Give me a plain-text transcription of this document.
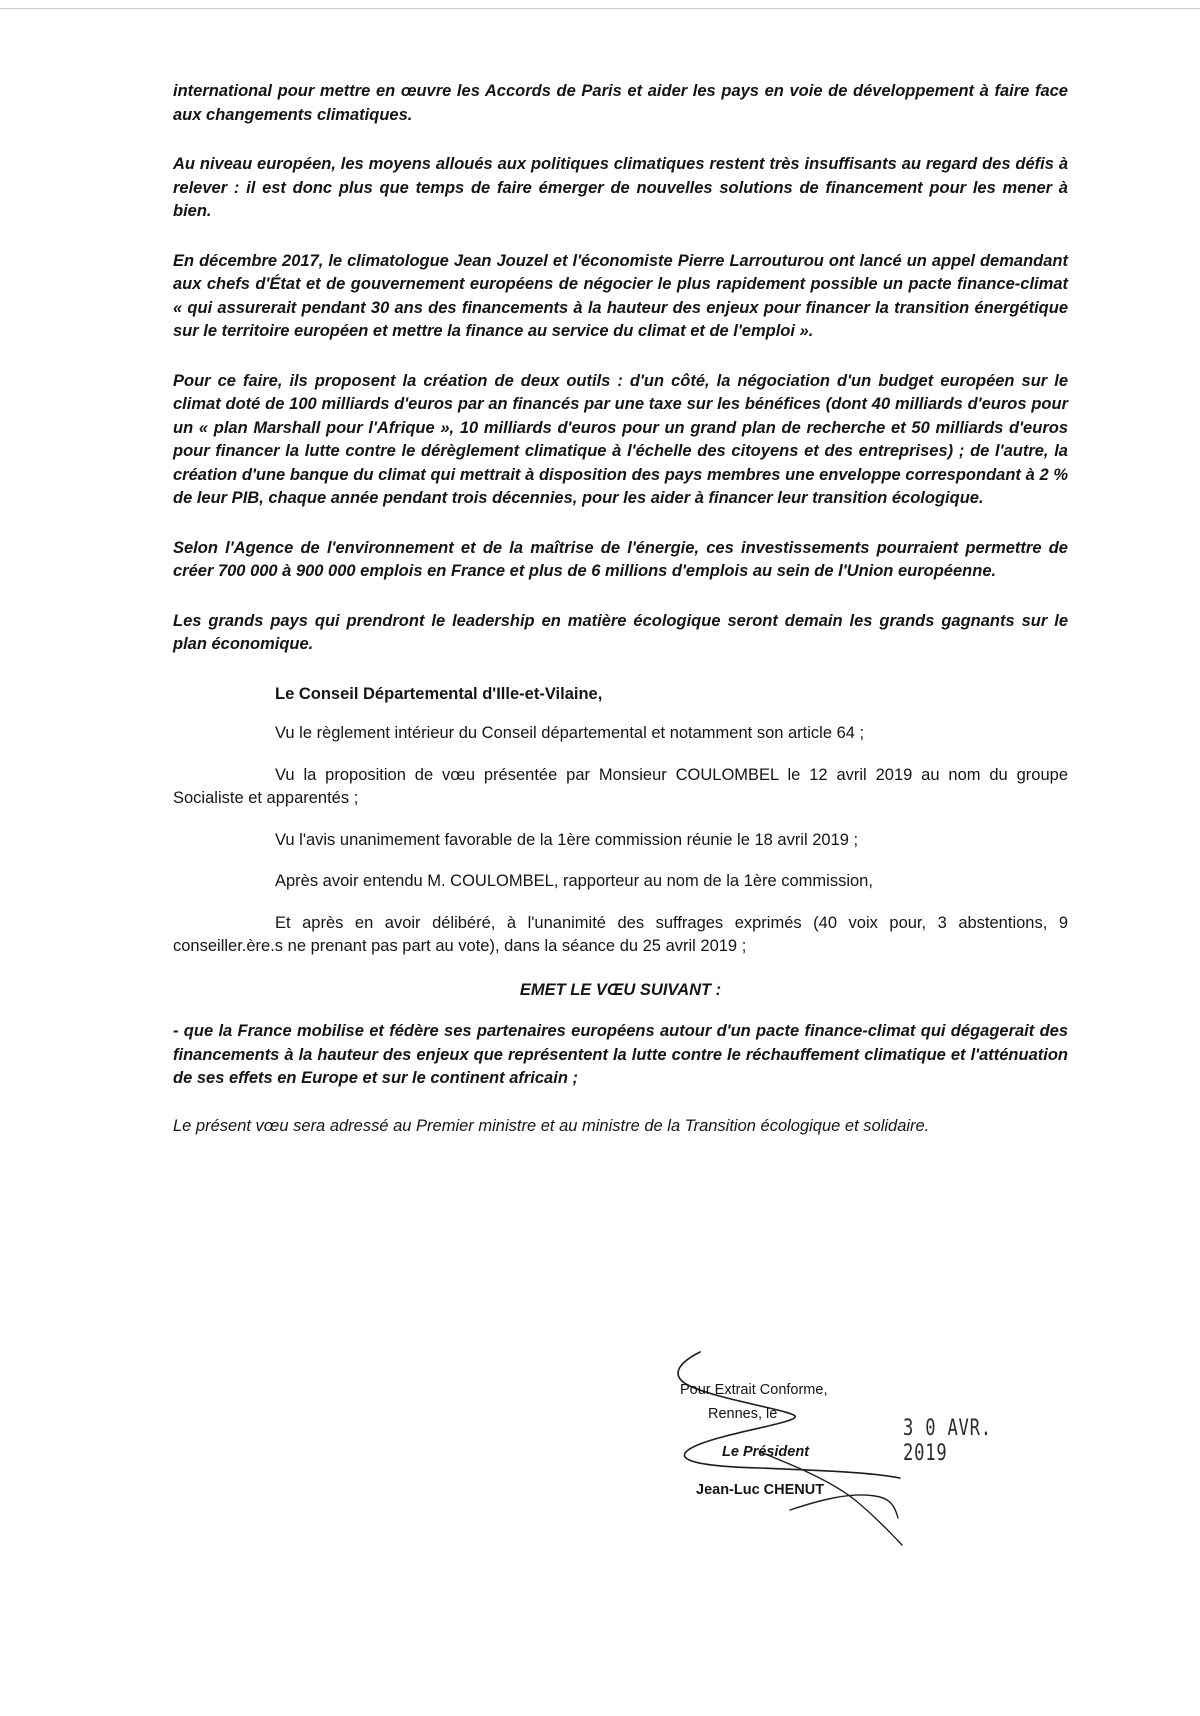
international pour mettre en œuvre les Accords de Paris et aider les pays en voie de développement à faire face aux changements climatiques.

Au niveau européen, les moyens alloués aux politiques climatiques restent très insuffisants au regard des défis à relever : il est donc plus que temps de faire émerger de nouvelles solutions de financement pour les mener à bien.

En décembre 2017, le climatologue Jean Jouzel et l'économiste Pierre Larrouturou ont lancé un appel demandant aux chefs d'État et de gouvernement européens de négocier le plus rapidement possible un pacte finance-climat « qui assurerait pendant 30 ans des financements à la hauteur des enjeux pour financer la transition énergétique sur le territoire européen et mettre la finance au service du climat et de l'emploi ».

Pour ce faire, ils proposent la création de deux outils : d'un côté, la négociation d'un budget européen sur le climat doté de 100 milliards d'euros par an financés par une taxe sur les bénéfices (dont 40 milliards d'euros pour un « plan Marshall pour l'Afrique », 10 milliards d'euros pour un grand plan de recherche et 50 milliards d'euros pour financer la lutte contre le dérèglement climatique à l'échelle des citoyens et des entreprises) ; de l'autre, la création d'une banque du climat qui mettrait à disposition des pays membres une enveloppe correspondant à 2 % de leur PIB, chaque année pendant trois décennies, pour les aider à financer leur transition écologique.

Selon l'Agence de l'environnement et de la maîtrise de l'énergie, ces investissements pourraient permettre de créer 700 000 à 900 000 emplois en France et plus de 6 millions d'emplois au sein de l'Union européenne.

Les grands pays qui prendront le leadership en matière écologique seront demain les grands gagnants sur le plan économique.

Le Conseil Départemental d'Ille-et-Vilaine,

Vu le règlement intérieur du Conseil départemental et notamment son article 64 ;

Vu la proposition de vœu présentée par Monsieur COULOMBEL le 12 avril 2019 au nom du groupe Socialiste et apparentés ;

Vu l'avis unanimement favorable de la 1ère commission réunie le 18 avril 2019 ;

Après avoir entendu M. COULOMBEL, rapporteur au nom de la 1ère commission,

Et après en avoir délibéré, à l'unanimité des suffrages exprimés (40 voix pour, 3 abstentions, 9 conseiller.ère.s ne prenant pas part au vote), dans la séance du 25 avril 2019 ;

EMET LE VŒU SUIVANT :

- que la France mobilise et fédère ses partenaires européens autour d'un pacte finance-climat qui dégagerait des financements à la hauteur des enjeux que représentent la lutte contre le réchauffement climatique et l'atténuation de ses effets en Europe et sur le continent africain ;

Le présent vœu sera adressé au Premier ministre et au ministre de la Transition écologique et solidaire.

Pour Extrait Conforme,
Rennes, le
Le Président
Jean-Luc CHENUT
3 0 AVR. 2019
